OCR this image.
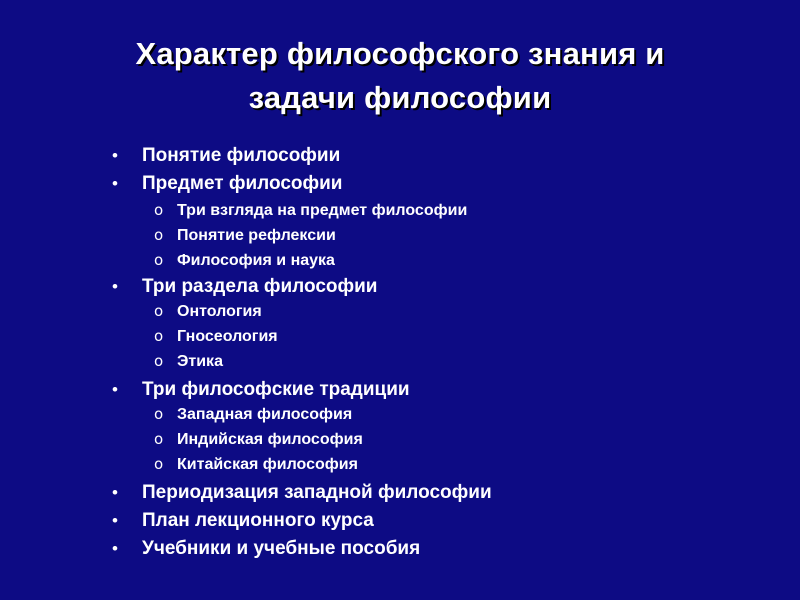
Характер философского знания и
задачи философии
• Понятие философии
• Предмет философии
o Три взгляда на предмет философии
o Понятие рефлексии
o Философия и наука
• Три раздела философии
o Онтология
o Гносеология
o Этика
• Три философские традиции
o Западная философия
o Индийская философия
o Китайская философия
• Периодизация западной философии
• План лекционного курса
• Учебники и учебные пособия
